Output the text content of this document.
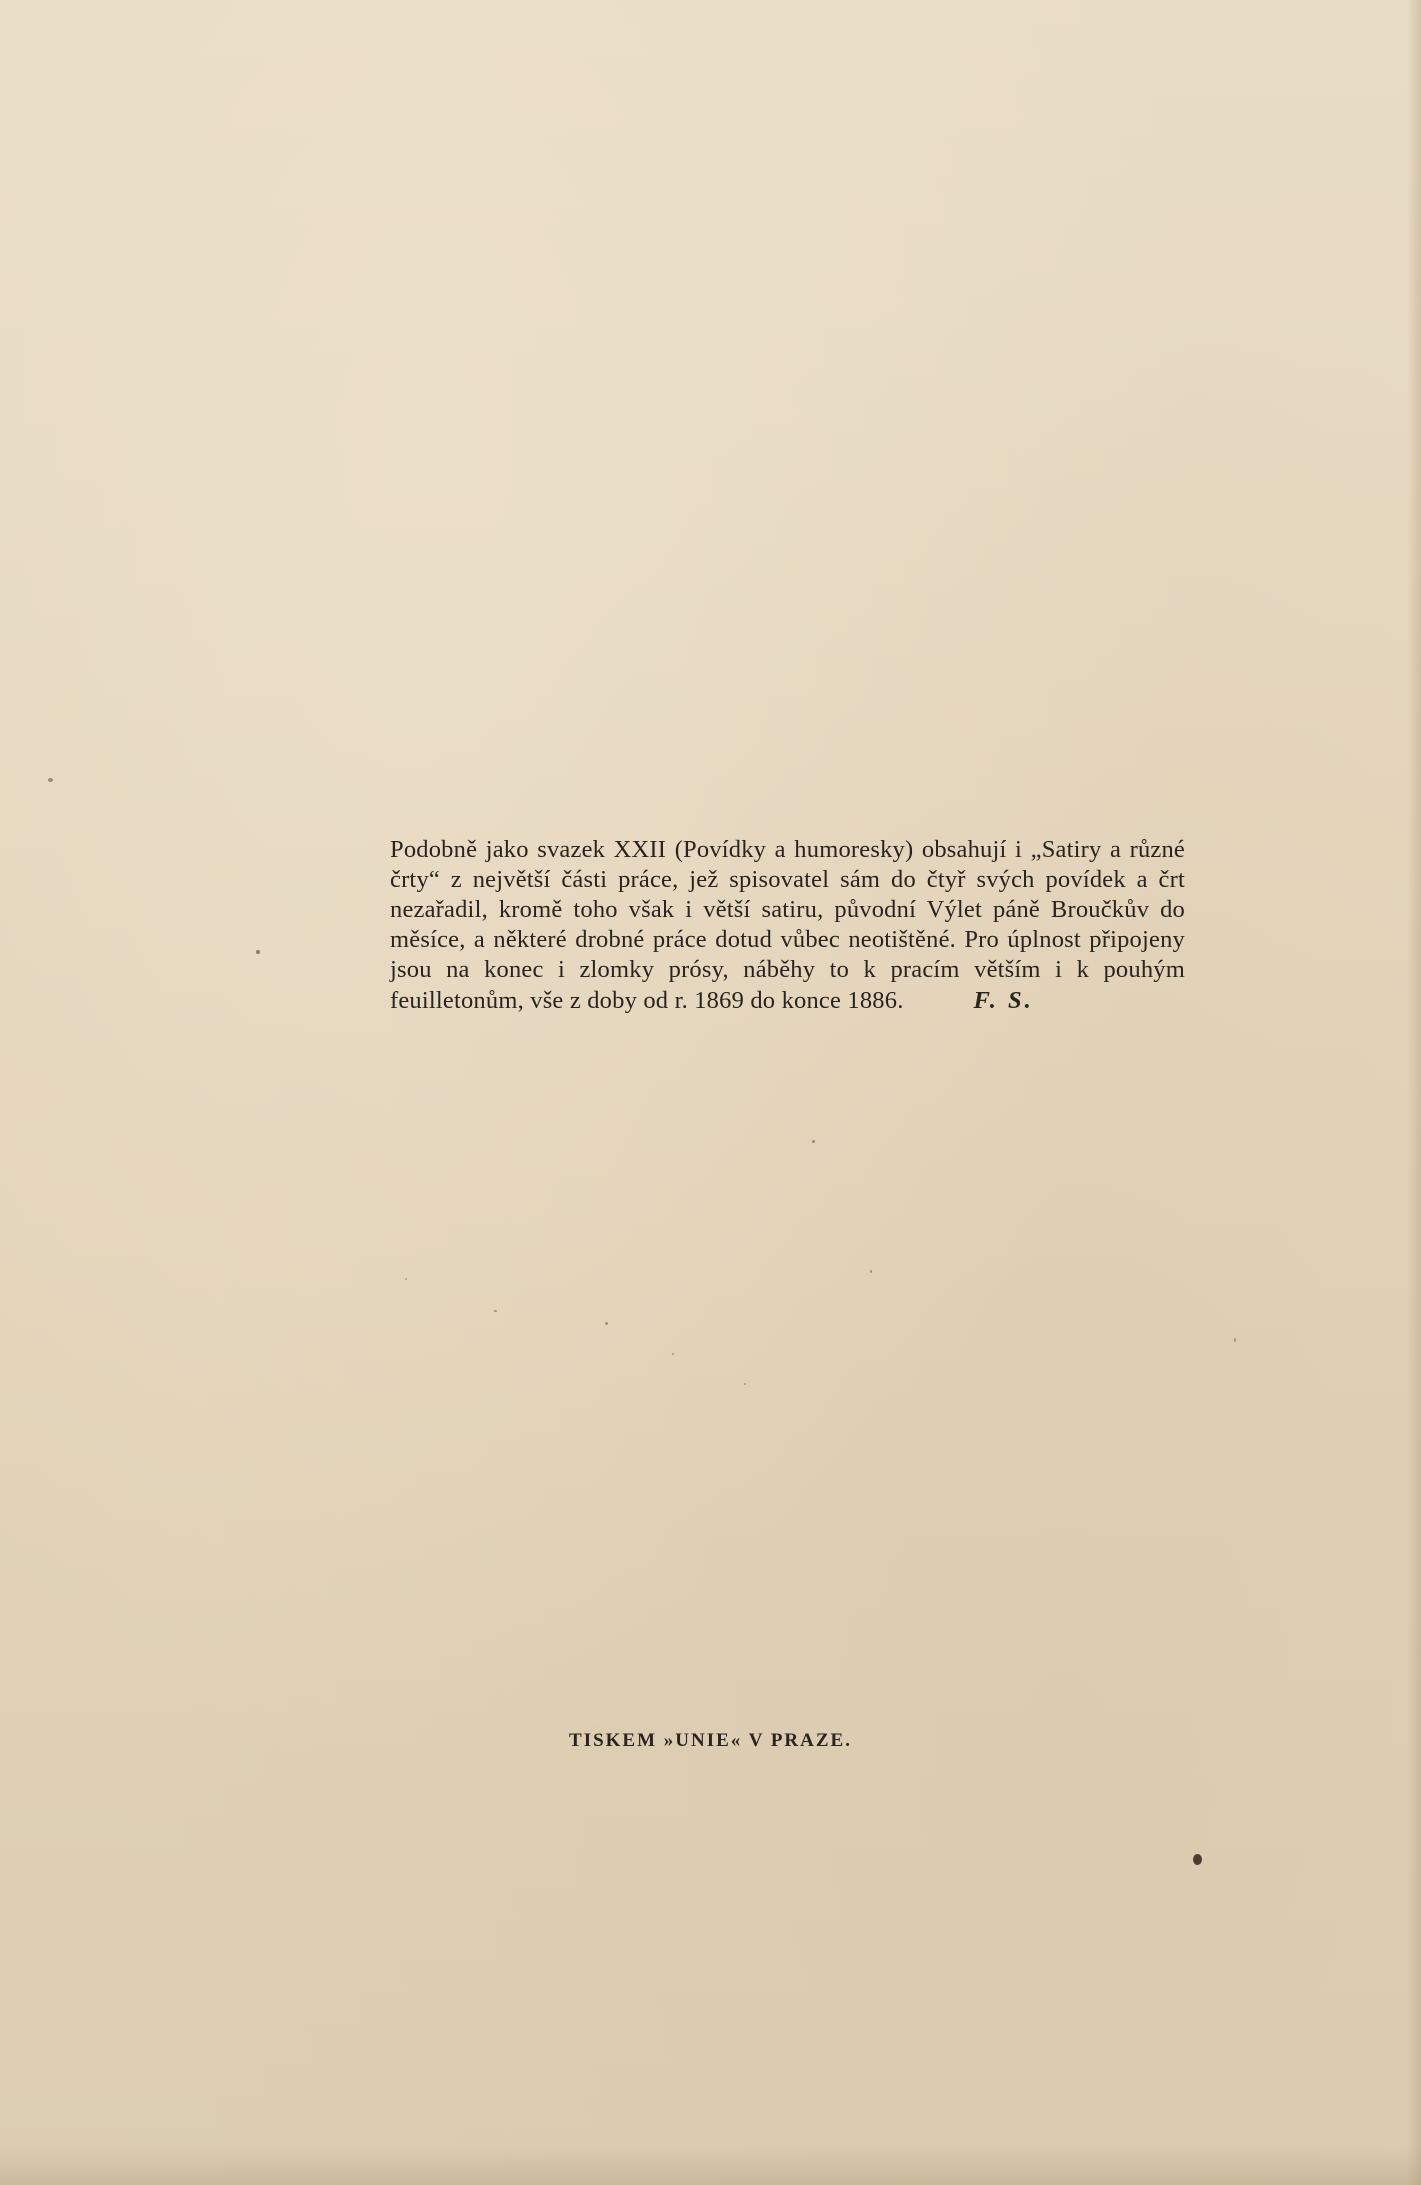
Podobně jako svazek XXII (Povídky a humoresky) obsahují i „Satiry a různé črty“ z největší části práce, jež spisovatel sám do čtyř svých povídek a črt nezařadil, kromě toho však i větší satiru, původní Výlet páně Broučkův do měsíce, a některé drobné práce dotud vůbec neotištěné. Pro úplnost připojeny jsou na konec i zlomky prósy, náběhy to k pracím větším i k pouhým feuilletonům, vše z doby od r. 1869 do konce 1886.	F. S.

TISKEM »UNIE« V PRAZE.
